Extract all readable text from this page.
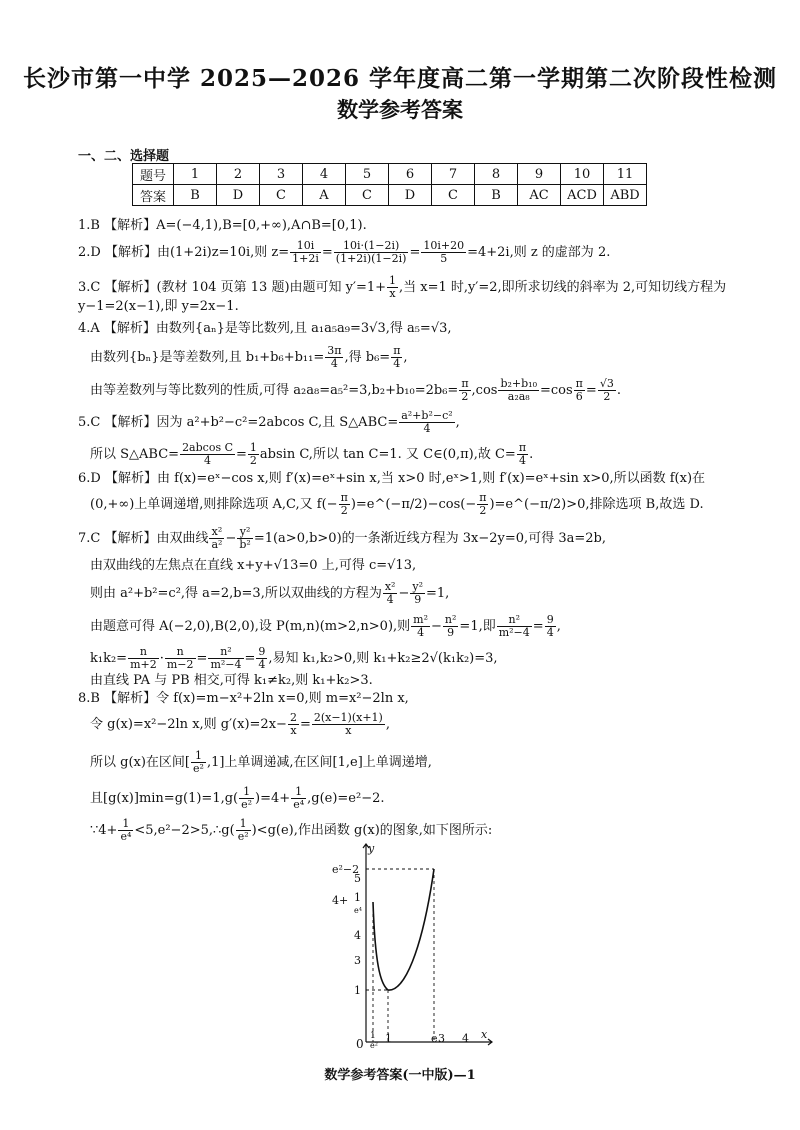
长沙市第一中学 2025—2026 学年度高二第一学期第二次阶段性检测
数学参考答案
一、二、选择题
题号	1	2	3	4	5	6	7	8	9	10	11
答案	B	D	C	A	C	D	C	B	AC	ACD	ABD
1.B 【解析】A=(−4,1),B=[0,+∞),A∩B=[0,1).
2.D 【解析】由(1+2i)z=10i,则 $z= \frac{10i}{1+2i} = \frac{10i\cdot(1-2i)}{(1+2i)(1-2i)} = \frac{10i+20}{5} =4+2i$,则 z 的虚部为 2.
3.C 【解析】(教材 104 页第 13 题)由题可知 $y'=1+ \frac{1}{x}$ ,当 x=1 时,y′=2,即所求切线的斜率为 2,可知切线方程为
y−1=2(x−1),即 y=2x−1.
4.A 【解析】由数列{aₙ}是等比数列,且 a₁a₅a₉=3√3,得 a₅=√3,
由数列{bₙ}是等差数列,且 $b_1+b_6+b_{11}= \frac{3\pi}{4}$ ,得 $b_6= \frac{\pi}{4}$ ,
由等差数列与等比数列的性质,可得 $a_2a_8=a_5^2=3,b_2+b_{10}=2b_6= \frac{\pi}{2} ,\cos \frac{\text{b₂+b₁₀}}{\text{a₂a₈}} =\cos \frac{\pi}{6} = \frac{√3}{2}$ .
5.C 【解析】因为 a²+b²−c²=2abcos C,且 S△ABC= $\frac{\text{a²+b²−c²}}{4}$ ,
所以 S△ABC= $\frac{\text{2abcos C}}{4} = \frac{1}{2}$ absin C,所以 tan C=1. 又 C∈(0,π),故 $C= \frac{\pi}{4}$ .
6.D 【解析】由 f(x)=eˣ−cos x,则 f′(x)=eˣ+sin x,当 x>0 时,eˣ>1,则 f′(x)=eˣ+sin x>0,所以函数 f(x)在
(0,+∞)上单调递增,则排除选项 A,C,又 $f(- \frac{\pi}{2}$ )=e^(−π/2)−cos(− $\frac{\pi}{2}$ )=e^(−π/2)>0,排除选项 B,故选 D.
7.C 【解析】由双曲线 $\frac{\text{x²}}{\text{a²}} - \frac{\text{y²}}{\text{b²}} =1(a>0,b>0)$的一条渐近线方程为 3x−2y=0,可得 3a=2b,
由双曲线的左焦点在直线 x+y+√13=0 上,可得 c=√13,
则由 a²+b²=c²,得 a=2,b=3,所以双曲线的方程为 $\frac{\text{x²}}{4} - \frac{\text{y²}}{9} =1$,
由题意可得 A(−2,0),B(2,0),设 P(m,n)(m>2,n>0),则 $\frac{\text{m²}}{4} - \frac{\text{n²}}{9} =1$,即 $\frac{\text{n²}}{\text{m²−4}} = \frac{9}{4}$ ,
$k_1k_2= \frac{n}{m+2} \cdot \frac{n}{m-2} = \frac{\text{n²}}{\text{m²−4}} = \frac{9}{4}$ ,易知 k₁,k₂>0,则 k₁+k₂≥2√(k₁k₂)=3,
由直线 PA 与 PB 相交,可得 k₁≠k₂,则 k₁+k₂>3.
8.B 【解析】令 f(x)=m−x²+2ln x=0,则 m=x²−2ln x,
令 g(x)=x²−2ln x,则 $g'(x)=2x- \frac{2}{x} = \frac{2(x-1)(x+1)}{x}$ ,
所以 g(x)在区间[ $\frac{1}{\text{e²}} ,1$]上单调递减,在区间[1,e]上单调递增,
且$[g(x)]\min=g(1)=1,g( \frac{1}{\text{e²}} )=4+ \frac{1}{\text{e⁴}} ,g(e)=e^2-2$.
∵4+ $\frac{1}{\text{e⁴}}$ <5,e²−2>5,∴g( $\frac{1}{\text{e²}} )<g(e)$,作出函数 g(x)的图象,如下图所示:
y
x
e²−2
5
4+ 1
e⁴
4
3
1
0
1
e²
1	e 3 4
数学参考答案(一中版)—1
